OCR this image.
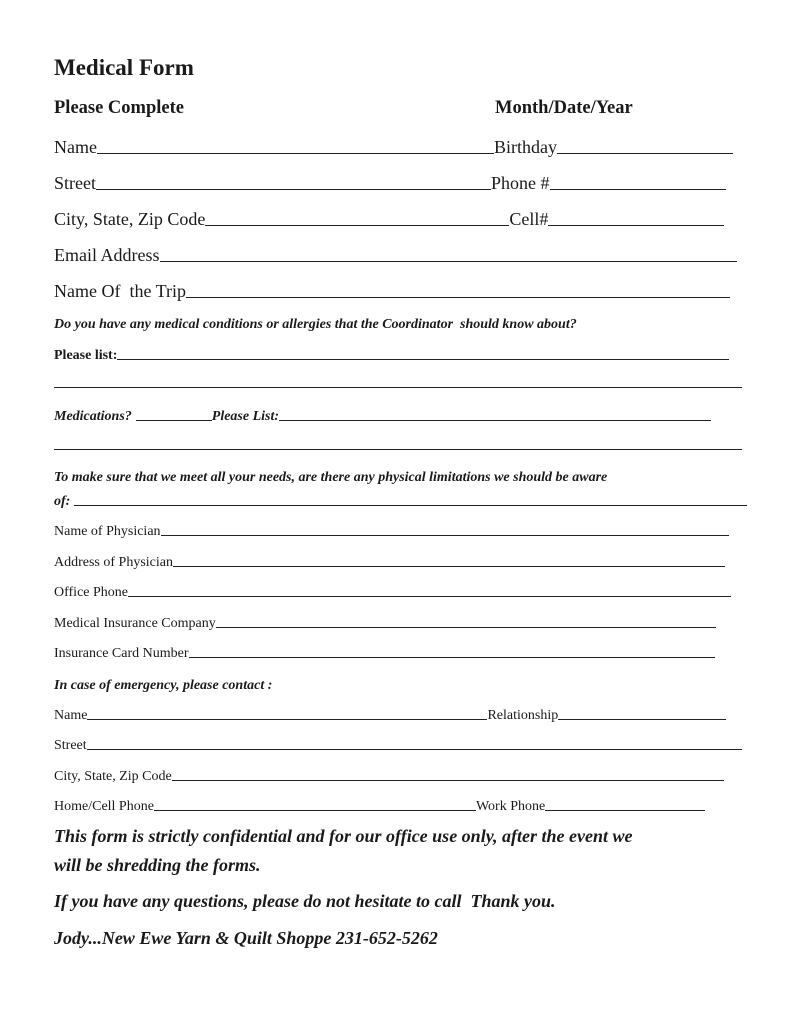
Medical Form
Please Complete	Month/Date/Year
Name	Birthday
Street	Phone #
City, State, Zip Code	Cell#
Email Address
Name Of  the Trip
Do you have any medical conditions or allergies that the Coordinator  should know about?
Please list:
Medications?	Please List:
To make sure that we meet all your needs, are there any physical limitations we should be aware
of:
Name of Physician
Address of Physician
Office Phone
Medical Insurance Company
Insurance Card Number
In case of emergency, please contact :
Name	Relationship
Street
City, State, Zip Code
Home/Cell Phone	Work Phone
This form is strictly confidential and for our office use only, after the event we
will be shredding the forms.
If you have any questions, please do not hesitate to call  Thank you.
Jody...New Ewe Yarn & Quilt Shoppe 231-652-5262
